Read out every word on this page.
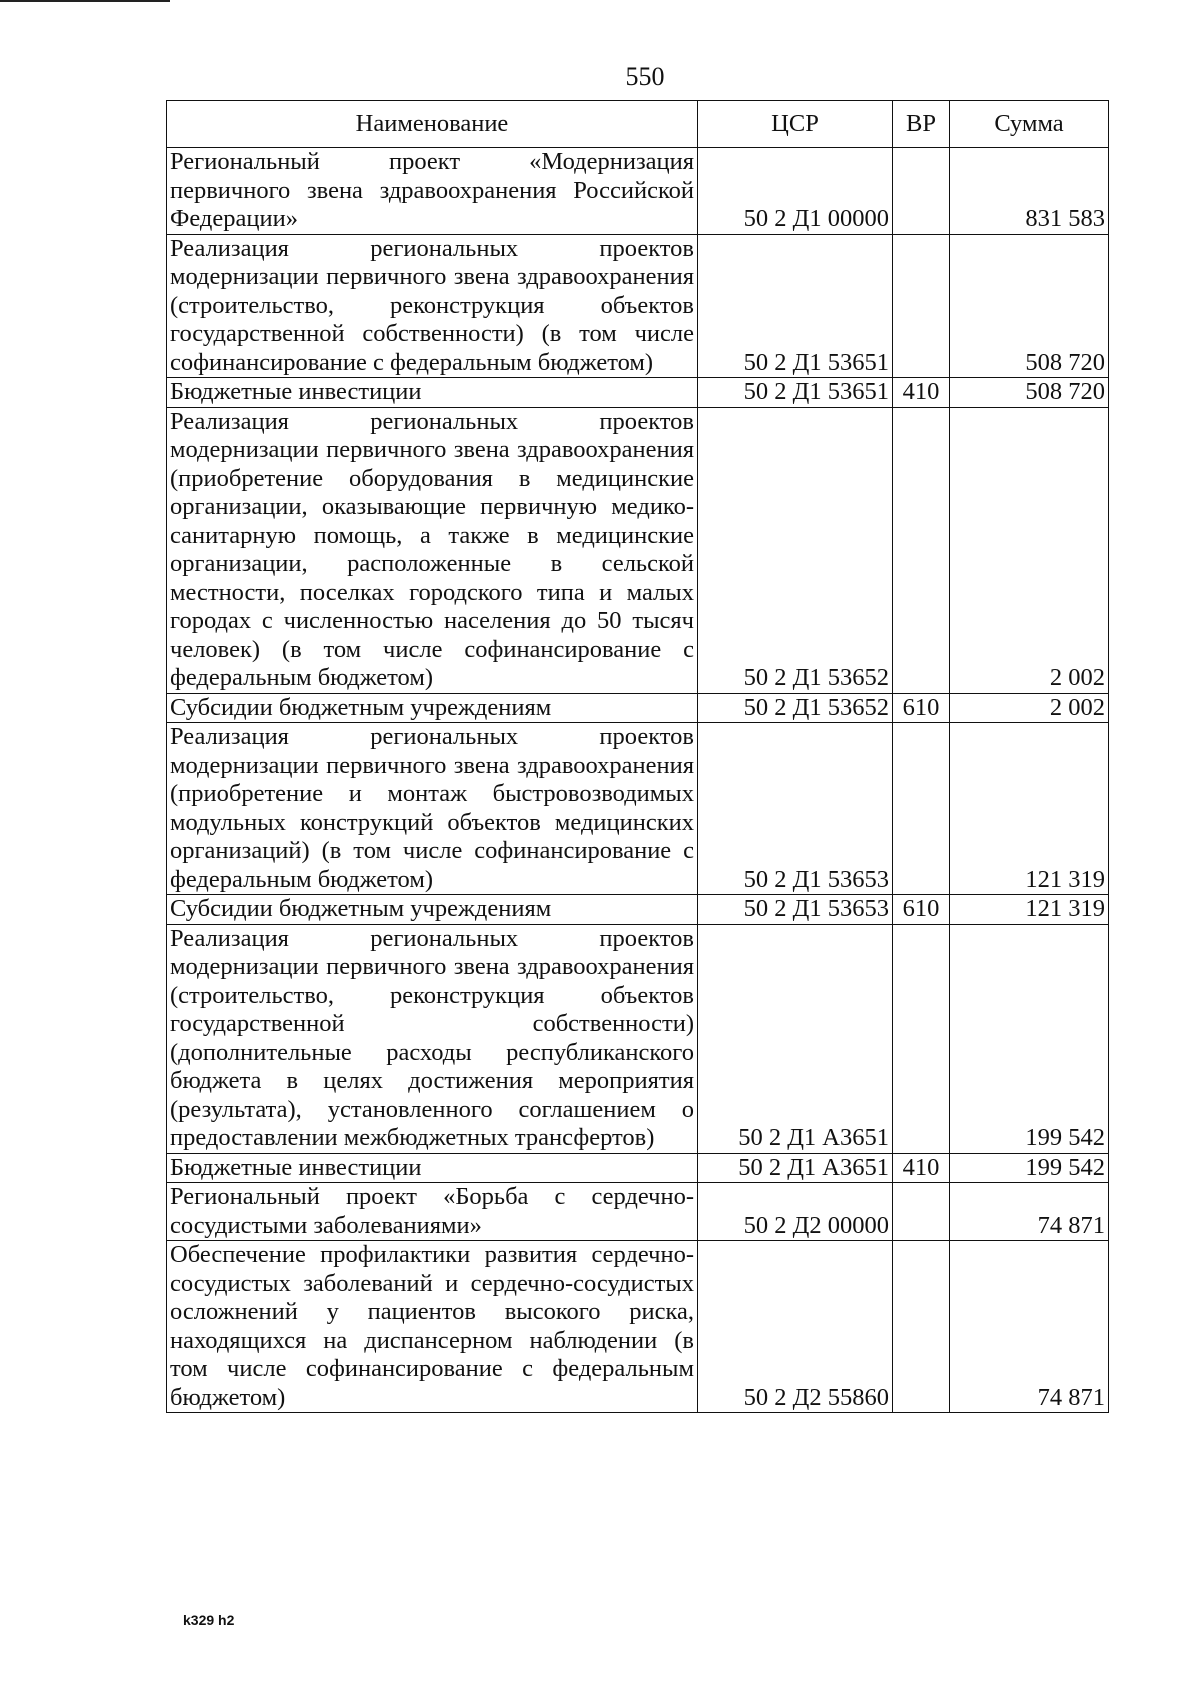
550
Наименование	ЦСР	ВР	Сумма
Региональный проект «Модернизация первичного звена здравоохранения Российской Федерации»	50 2 Д1 00000		831 583
Реализация региональных проектов модернизации первичного звена здравоохранения (строительство, реконструкция объектов государственной собственности) (в том числе софинансирование с федеральным бюджетом)	50 2 Д1 53651		508 720
Бюджетные инвестиции	50 2 Д1 53651	410	508 720
Реализация региональных проектов модернизации первичного звена здравоохранения (приобретение оборудования в медицинские организации, оказывающие первичную медико-санитарную помощь, а также в медицинские организации, расположенные в сельской местности, поселках городского типа и малых городах с численностью населения до 50 тысяч человек) (в том числе софинансирование с федеральным бюджетом)	50 2 Д1 53652		2 002
Субсидии бюджетным учреждениям	50 2 Д1 53652	610	2 002
Реализация региональных проектов модернизации первичного звена здравоохранения (приобретение и монтаж быстровозводимых модульных конструкций объектов медицинских организаций) (в том числе софинансирование с федеральным бюджетом)	50 2 Д1 53653		121 319
Субсидии бюджетным учреждениям	50 2 Д1 53653	610	121 319
Реализация региональных проектов модернизации первичного звена здравоохранения (строительство, реконструкция объектов государственной собственности) (дополнительные расходы республиканского бюджета в целях достижения мероприятия (результата), установленного соглашением о предоставлении межбюджетных трансфертов)	50 2 Д1 А3651		199 542
Бюджетные инвестиции	50 2 Д1 А3651	410	199 542
Региональный проект «Борьба с сердечно-сосудистыми заболеваниями»	50 2 Д2 00000		74 871
Обеспечение профилактики развития сердечно-сосудистых заболеваний и сердечно-сосудистых осложнений у пациентов высокого риска, находящихся на диспансерном наблюдении (в том числе софинансирование с федеральным бюджетом)	50 2 Д2 55860		74 871
k329 h2
